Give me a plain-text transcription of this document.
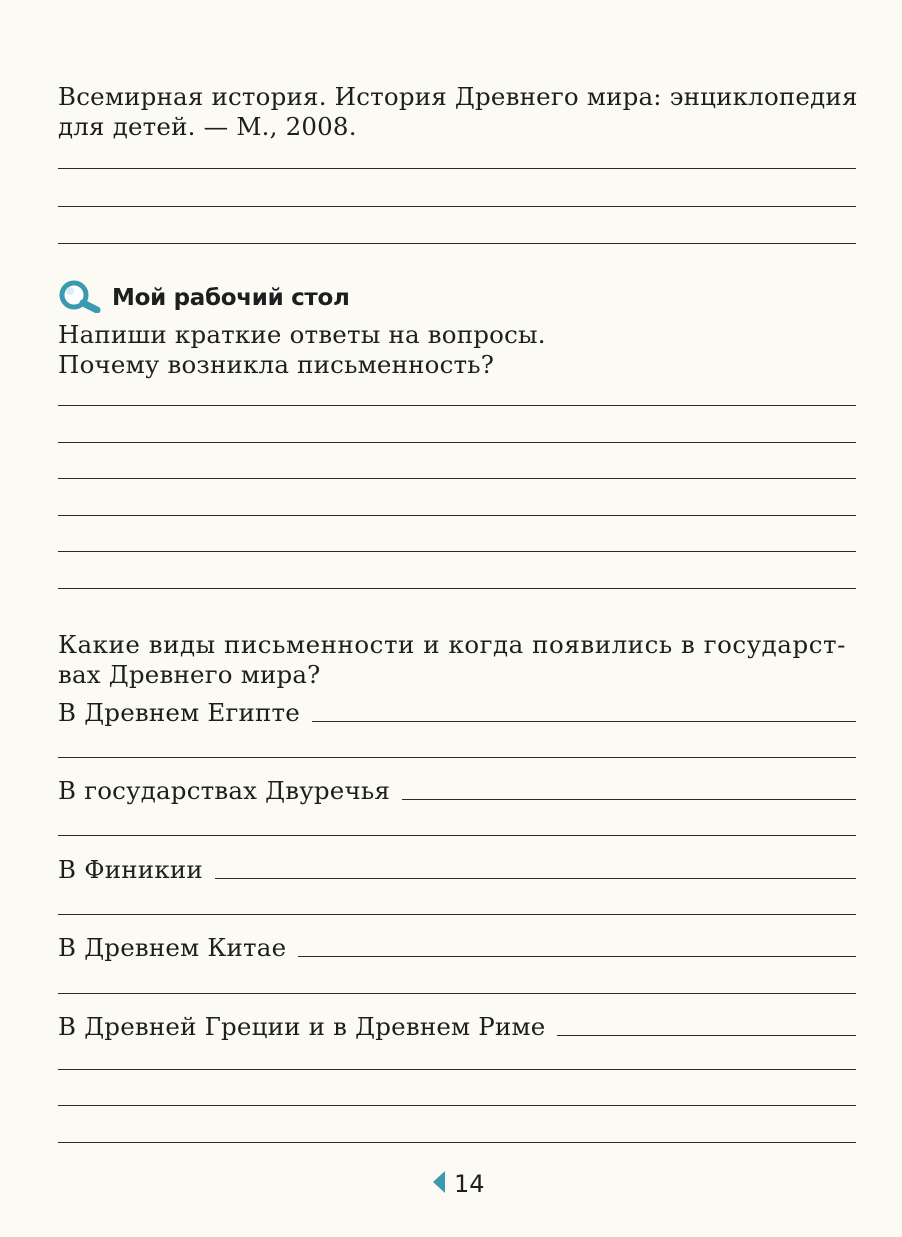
Всемирная история. История Древнего мира: энциклопедия

для детей. — М., 2008.

Мой рабочий стол

Напиши краткие ответы на вопросы.

Почему возникла письменность?

Какие виды письменности и когда появились в государст-

вах Древнего мира?

В Древнем Египте
В государствах Двуречья
В Финикии
В Древнем Китае
В Древней Греции и в Древнем Риме
14
